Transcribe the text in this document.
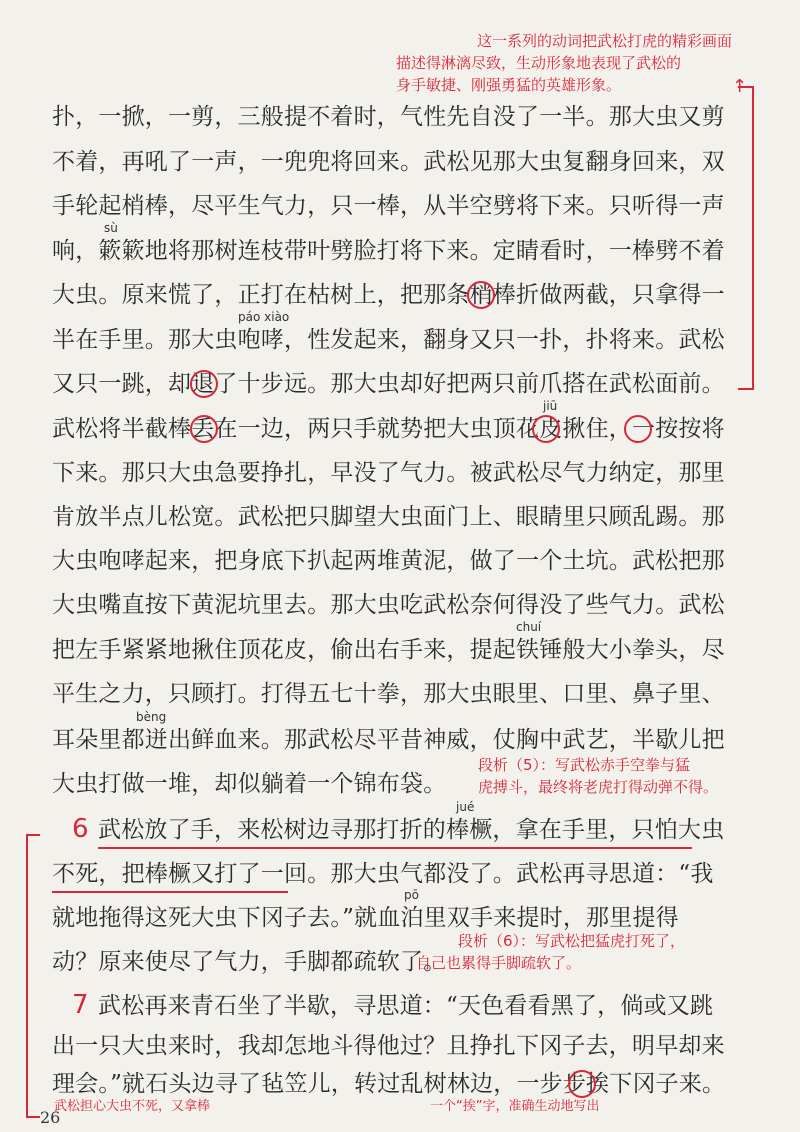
这一系列的动词把武松打虎的精彩画面
描述得淋漓尽致，生动形象地表现了武松的
身手敏捷、刚强勇猛的英雄形象。	↑
扑，一掀，一剪，三般提不着时，气性先自没了一半。那大虫又剪
不着，再吼了一声，一兜兜将回来。武松见那大虫复翻身回来，双
手轮起梢棒，尽平生气力，只一棒，从半空劈将下来。只听得一声
sù
响，簌簌地将那树连枝带叶劈脸打将下来。定睛看时，一棒劈不着
大虫。原来慌了，正打在枯树上，把那条梢棒折做两截，只拿得一
páo xiào
半在手里。那大虫咆哮，性发起来，翻身又只一扑，扑将来。武松
又只一跳，却退了十步远。那大虫却好把两只前爪搭在武松面前。
jiū
武松将半截棒丢在一边，两只手就势把大虫顶花皮揪住，一按按将
下来。那只大虫急要挣扎，早没了气力。被武松尽气力纳定，那里
肯放半点儿松宽。武松把只脚望大虫面门上、眼睛里只顾乱踢。那
大虫咆哮起来，把身底下扒起两堆黄泥，做了一个土坑。武松把那
大虫嘴直按下黄泥坑里去。那大虫吃武松奈何得没了些气力。武松
chuí
把左手紧紧地揪住顶花皮，偷出右手来，提起铁锤般大小拳头，尽
平生之力，只顾打。打得五七十拳，那大虫眼里、口里、鼻子里、
bèng
耳朵里都迸出鲜血来。那武松尽平昔神威，仗胸中武艺，半歇儿把
大虫打做一堆，却似躺着一个锦布袋。
段析（5）：写武松赤手空拳与猛
虎搏斗，最终将老虎打得动弹不得。
6
jué
武松放了手，来松树边寻那打折的棒橛，拿在手里，只怕大虫
不死，把棒橛又打了一回。那大虫气都没了。武松再寻思道：“我
pō
就地拖得这死大虫下冈子去。”就血泊里双手来提时，那里提得
动？原来使尽了气力，手脚都疏软了。
段析（6）：写武松把猛虎打死了，
自己也累得手脚疏软了。
7 武松再来青石坐了半歇，寻思道：“天色看看黑了，倘或又跳
出一只大虫来时，我却怎地斗得他过？且挣扎下冈子去，明早却来
理会。”就石头边寻了毡笠儿，转过乱树林边，一步步挨下冈子来。
武松担心大虫不死，又拿棒	一个“挨”字，准确生动地写出
26
